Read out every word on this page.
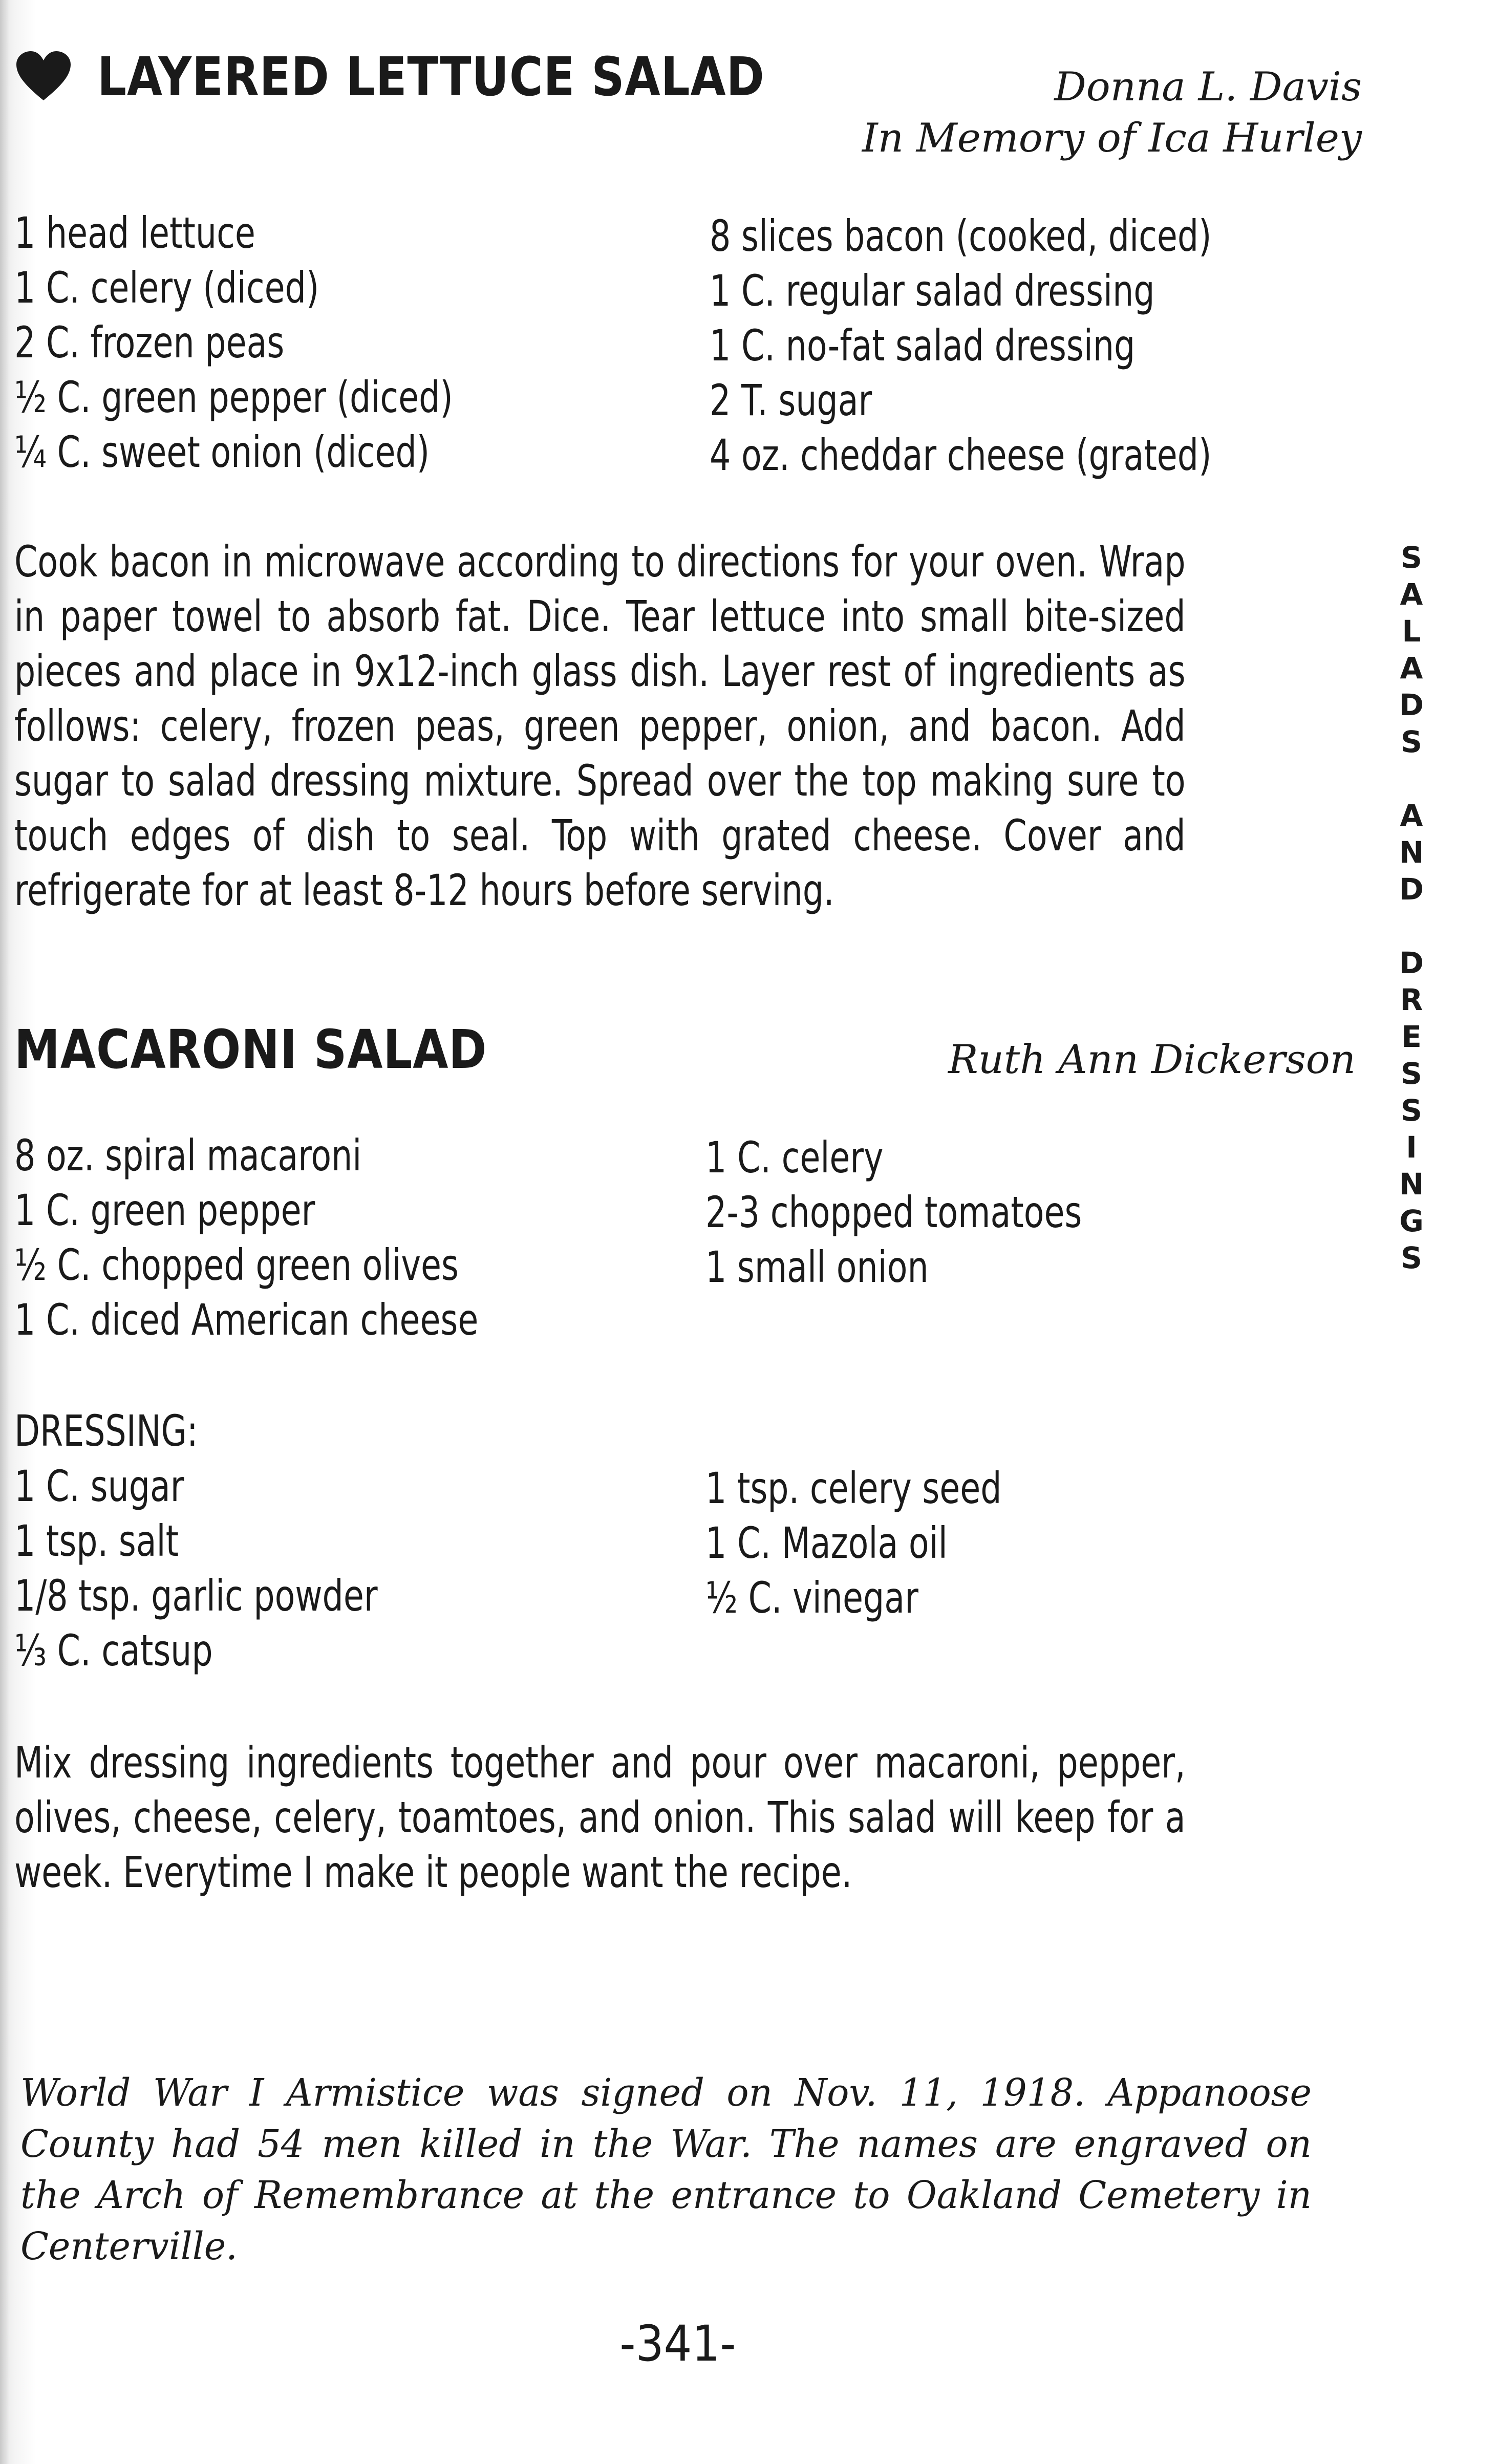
LAYERED LETTUCE SALAD	Donna L. Davis
In Memory of Ica Hurley
1 head lettuce
1 C. celery (diced)
2 C. frozen peas
½ C. green pepper (diced)
¼ C. sweet onion (diced)
8 slices bacon (cooked, diced)
1 C. regular salad dressing
1 C. no-fat salad dressing
2 T. sugar
4 oz. cheddar cheese (grated)

Cook bacon in microwave according to directions for your oven. Wrap in paper towel to absorb fat. Dice. Tear lettuce into small bite-sized pieces and place in 9x12-inch glass dish. Layer rest of ingredients as follows: celery, frozen peas, green pepper, onion, and bacon. Add sugar to salad dressing mixture. Spread over the top making sure to touch edges of dish to seal. Top with grated cheese. Cover and refrigerate for at least 8-12 hours before serving.

MACARONI SALAD	Ruth Ann Dickerson
8 oz. spiral macaroni
1 C. green pepper
½ C. chopped green olives
1 C. diced American cheese
1 C. celery
2-3 chopped tomatoes
1 small onion
DRESSING:
1 C. sugar
1 tsp. salt
1/8 tsp. garlic powder
⅓ C. catsup
1 tsp. celery seed
1 C. Mazola oil
½ C. vinegar

Mix dressing ingredients together and pour over macaroni, pepper, olives, cheese, celery, toamtoes, and onion. This salad will keep for a week. Everytime I make it people want the recipe.

S
A
L
A
D
S
A
N
D
D
R
E
S
S
I
N
G
S
World War I Armistice was signed on Nov. 11, 1918. Appanoose County had 54 men killed in the War. The names are engraved on the Arch of Remembrance at the entrance to Oakland Cemetery in Centerville.
-341-
